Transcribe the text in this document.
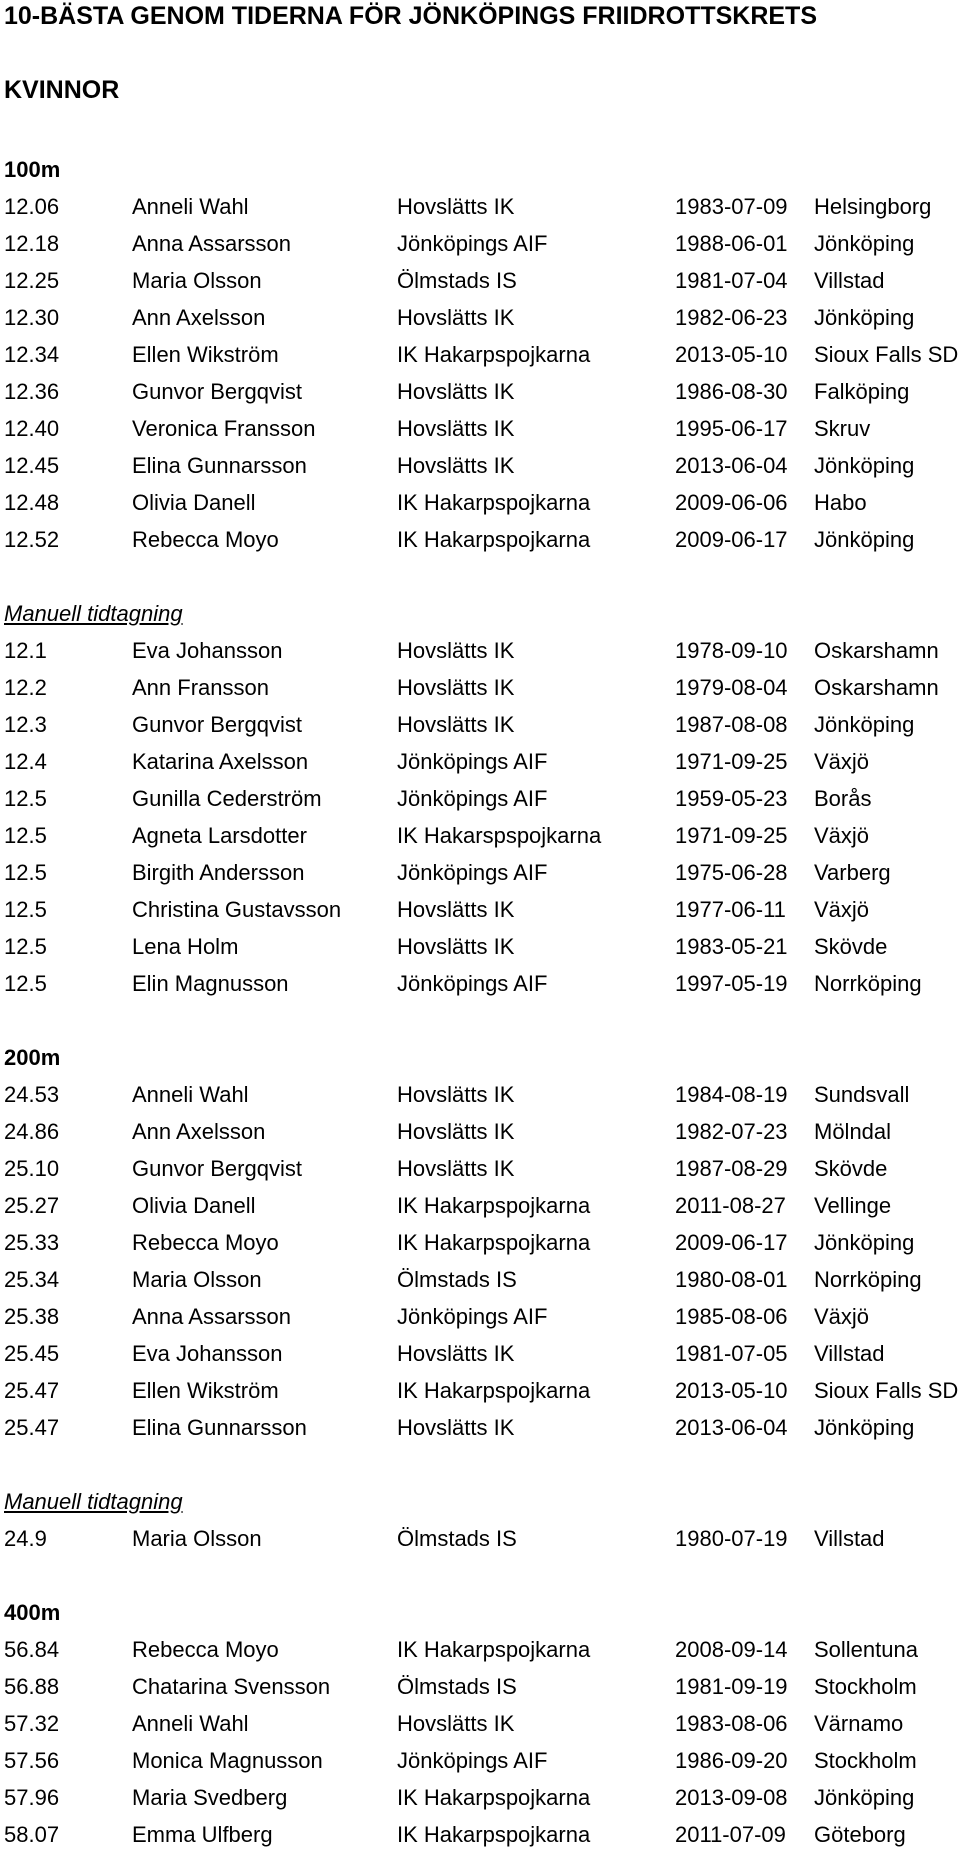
10-BÄSTA GENOM TIDERNA FÖR JÖNKÖPINGS FRIIDROTTSKRETS
KVINNOR
100m
12.06	Anneli Wahl	Hovslätts IK	1983-07-09 Helsingborg
12.18	Anna Assarsson	Jönköpings AIF	1988-06-01 Jönköping
12.25	Maria Olsson	Ölmstads IS	1981-07-04 Villstad
12.30	Ann Axelsson	Hovslätts IK	1982-06-23 Jönköping
12.34	Ellen Wikström	IK Hakarpspojkarna	2013-05-10 Sioux Falls SD
12.36	Gunvor Bergqvist	Hovslätts IK	1986-08-30 Falköping
12.40	Veronica Fransson	Hovslätts IK	1995-06-17 Skruv
12.45	Elina Gunnarsson	Hovslätts IK	2013-06-04 Jönköping
12.48	Olivia Danell	IK Hakarpspojkarna	2009-06-06 Habo
12.52	Rebecca Moyo	IK Hakarpspojkarna	2009-06-17 Jönköping
Manuell tidtagning
12.1	Eva Johansson	Hovslätts IK	1978-09-10 Oskarshamn
12.2	Ann Fransson	Hovslätts IK	1979-08-04 Oskarshamn
12.3	Gunvor Bergqvist	Hovslätts IK	1987-08-08 Jönköping
12.4	Katarina Axelsson	Jönköpings AIF	1971-09-25 Växjö
12.5	Gunilla Cederström	Jönköpings AIF	1959-05-23 Borås
12.5	Agneta Larsdotter	IK Hakarspspojkarna	1971-09-25 Växjö
12.5	Birgith Andersson	Jönköpings AIF	1975-06-28 Varberg
12.5	Christina Gustavsson	Hovslätts IK	1977-06-11 Växjö
12.5	Lena Holm	Hovslätts IK	1983-05-21 Skövde
12.5	Elin Magnusson	Jönköpings AIF	1997-05-19 Norrköping
200m
24.53	Anneli Wahl	Hovslätts IK	1984-08-19 Sundsvall
24.86	Ann Axelsson	Hovslätts IK	1982-07-23 Mölndal
25.10	Gunvor Bergqvist	Hovslätts IK	1987-08-29 Skövde
25.27	Olivia Danell	IK Hakarpspojkarna	2011-08-27 Vellinge
25.33	Rebecca Moyo	IK Hakarpspojkarna	2009-06-17 Jönköping
25.34	Maria Olsson	Ölmstads IS	1980-08-01 Norrköping
25.38	Anna Assarsson	Jönköpings AIF	1985-08-06 Växjö
25.45	Eva Johansson	Hovslätts IK	1981-07-05 Villstad
25.47	Ellen Wikström	IK Hakarpspojkarna	2013-05-10 Sioux Falls SD
25.47	Elina Gunnarsson	Hovslätts IK	2013-06-04 Jönköping
Manuell tidtagning
24.9	Maria Olsson	Ölmstads IS	1980-07-19 Villstad
400m
56.84	Rebecca Moyo	IK Hakarpspojkarna	2008-09-14 Sollentuna
56.88	Chatarina Svensson	Ölmstads IS	1981-09-19 Stockholm
57.32	Anneli Wahl	Hovslätts IK	1983-08-06 Värnamo
57.56	Monica Magnusson	Jönköpings AIF	1986-09-20 Stockholm
57.96	Maria Svedberg	IK Hakarpspojkarna	2013-09-08 Jönköping
58.07	Emma Ulfberg	IK Hakarpspojkarna	2011-07-09 Göteborg
